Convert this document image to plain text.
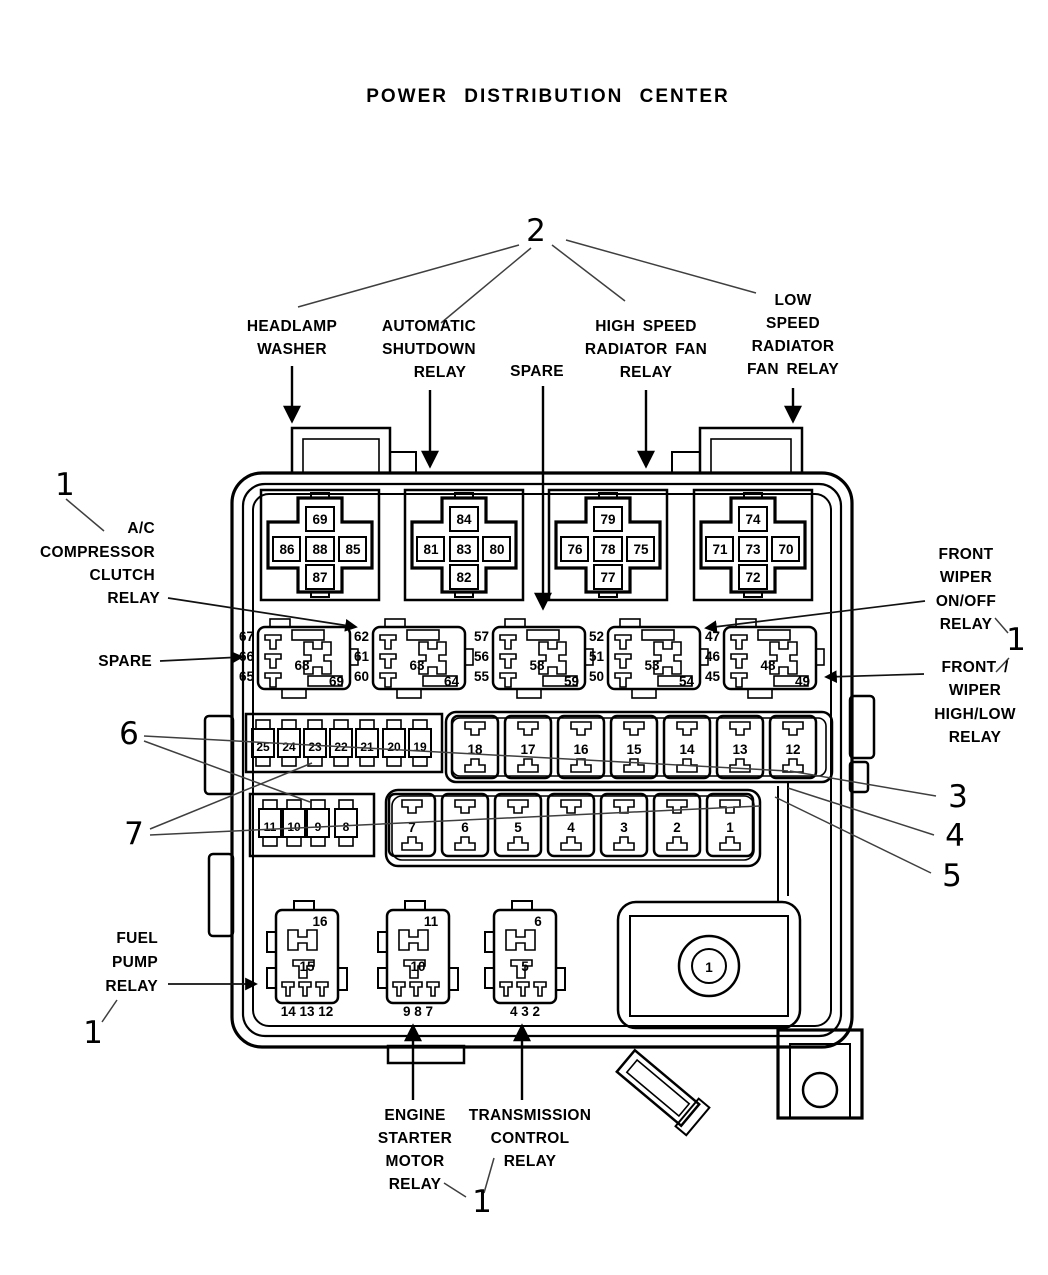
POWER DISTRIBUTION CENTER
2
HEADLAMP
WASHER
AUTOMATIC
SHUTDOWN
RELAY	SPARE
HIGH SPEED
RADIATOR FAN
RELAY
LOW
SPEED
RADIATOR
FAN RELAY
69
86 88 85
87
84
81 83 80
82
79
76 78 75
77
74
71 73 70
72
67
66
65
68
69
62
61
60
63
64
57
56
55
58
59
52
51
50
53
54
47
46
45
48
49
25 24 23 22 21 20 19	18	17	16	15	14	13	12
11 10 9 8	7	6	5	4	3	2	1
16
15
14 13 12
11
10
9 8 7
6
5
4 3 2
1
1
A/C
COMPRESSOR
CLUTCH
RELAY
SPARE
6
7
FRONT
WIPER
ON/OFF
RELAY 1
FRONT /
WIPER
HIGH/LOW
RELAY
3
4
5
FUEL
PUMP
RELAY
1
ENGINE
STARTER
MOTOR
RELAY
TRANSMISSION
CONTROL
RELAY
1
